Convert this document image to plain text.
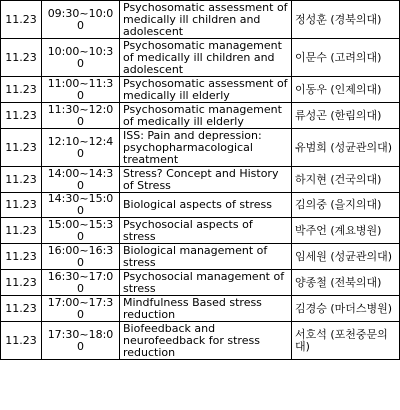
11.23	09:30~10:00	Psychosomatic assessment of medically ill children and adolescent	정성훈 (경북의대)
11.23	10:00~10:30	Psychosomatic management of medically ill children and adolescent	이문수 (고려의대)
11.23	11:00~11:30	Psychosomatic assessment of medically ill elderly	이동우 (인제의대)
11.23	11:30~12:00	Psychosomatic management of medically ill elderly	류성곤 (한림의대)
11.23	12:10~12:40	ISS: Pain and depression: psychopharmacological treatment	유범희 (성균관의대)
11.23	14:00~14:30	Stress? Concept and History of Stress	하지현 (건국의대)
11.23	14:30~15:00	Biological aspects of stress	김의중 (을지의대)
11.23	15:00~15:30	Psychosocial aspects of stress	박주언 (계요병원)
11.23	16:00~16:30	Biological management of stress	임세원 (성균관의대)
11.23	16:30~17:00	Psychosocial management of stress	양종철 (전북의대)
11.23	17:00~17:30	Mindfulness Based stress reduction	김경승 (마더스병원)
11.23	17:30~18:00	Biofeedback and neurofeedback for stress reduction	서호석 (포천중문의대)
